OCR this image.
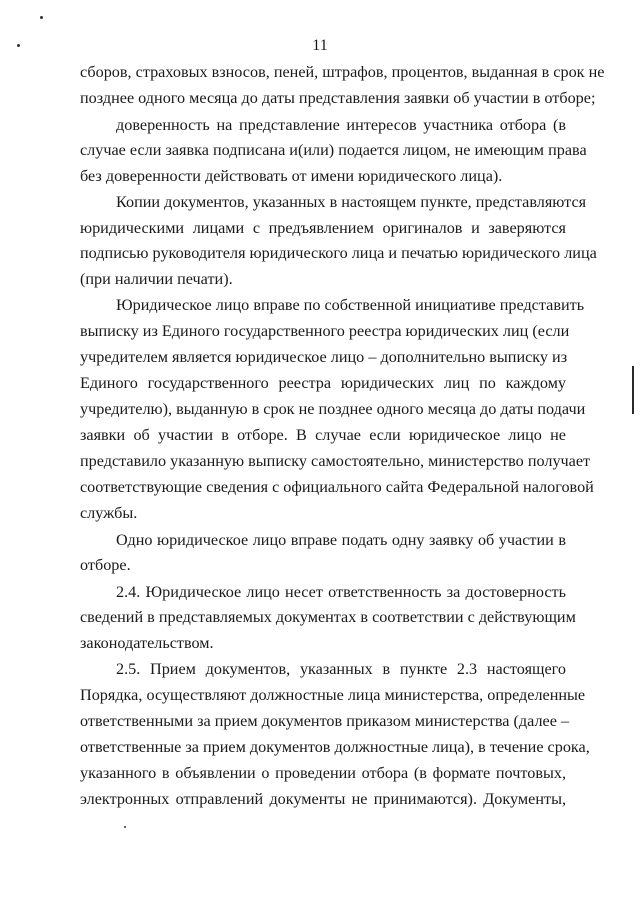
11
сборов, страховых взносов, пеней, штрафов, процентов, выданная в срок не
позднее одного месяца до даты представления заявки об участии в отборе;
доверенность на представление интересов участника отбора (в
случае если заявка подписана и(или) подается лицом, не имеющим права
без доверенности действовать от имени юридического лица).
Копии документов, указанных в настоящем пункте, представляются
юридическими лицами с предъявлением оригиналов и заверяются
подписью руководителя юридического лица и печатью юридического лица
(при наличии печати).
Юридическое лицо вправе по собственной инициативе представить
выписку из Единого государственного реестра юридических лиц (если
учредителем является юридическое лицо – дополнительно выписку из
Единого государственного реестра юридических лиц по каждому
учредителю), выданную в срок не позднее одного месяца до даты подачи
заявки об участии в отборе. В случае если юридическое лицо не
представило указанную выписку самостоятельно, министерство получает
соответствующие сведения с официального сайта Федеральной налоговой
службы.
Одно юридическое лицо вправе подать одну заявку об участии в
отборе.
2.4. Юридическое лицо несет ответственность за достоверность
сведений в представляемых документах в соответствии с действующим
законодательством.
2.5. Прием документов, указанных в пункте 2.3 настоящего
Порядка, осуществляют должностные лица министерства, определенные
ответственными за прием документов приказом министерства (далее –
ответственные за прием документов должностные лица), в течение срока,
указанного в объявлении о проведении отбора (в формате почтовых,
электронных отправлений документы не принимаются). Документы,
